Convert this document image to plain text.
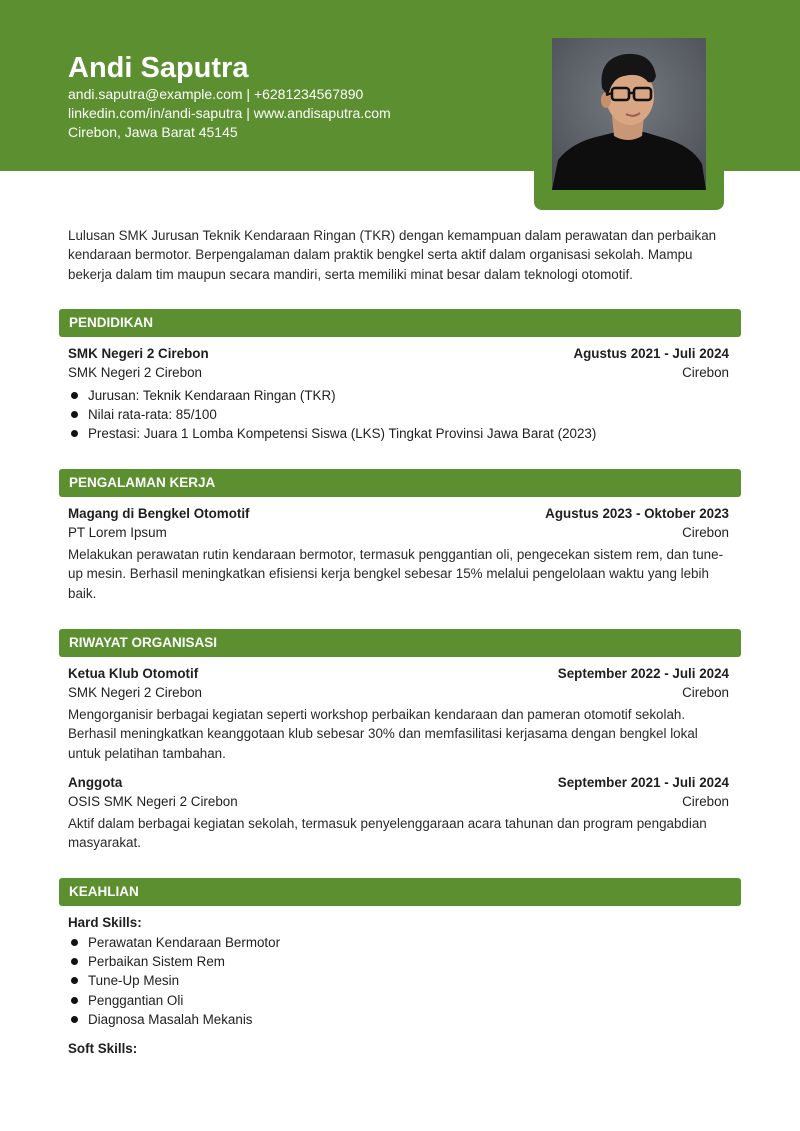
Andi Saputra
andi.saputra@example.com | +6281234567890
linkedin.com/in/andi-saputra | www.andisaputra.com
Cirebon, Jawa Barat 45145
Lulusan SMK Jurusan Teknik Kendaraan Ringan (TKR) dengan kemampuan dalam perawatan dan perbaikan kendaraan bermotor. Berpengalaman dalam praktik bengkel serta aktif dalam organisasi sekolah. Mampu bekerja dalam tim maupun secara mandiri, serta memiliki minat besar dalam teknologi otomotif.
PENDIDIKAN
SMK Negeri 2 Cirebon	Agustus 2021 - Juli 2024
SMK Negeri 2 Cirebon	Cirebon
Jurusan: Teknik Kendaraan Ringan (TKR)
Nilai rata-rata: 85/100
Prestasi: Juara 1 Lomba Kompetensi Siswa (LKS) Tingkat Provinsi Jawa Barat (2023)
PENGALAMAN KERJA
Magang di Bengkel Otomotif	Agustus 2023 - Oktober 2023
PT Lorem Ipsum	Cirebon
Melakukan perawatan rutin kendaraan bermotor, termasuk penggantian oli, pengecekan sistem rem, dan tune-up mesin. Berhasil meningkatkan efisiensi kerja bengkel sebesar 15% melalui pengelolaan waktu yang lebih baik.
RIWAYAT ORGANISASI
Ketua Klub Otomotif	September 2022 - Juli 2024
SMK Negeri 2 Cirebon	Cirebon
Mengorganisir berbagai kegiatan seperti workshop perbaikan kendaraan dan pameran otomotif sekolah. Berhasil meningkatkan keanggotaan klub sebesar 30% dan memfasilitasi kerjasama dengan bengkel lokal untuk pelatihan tambahan.
Anggota	September 2021 - Juli 2024
OSIS SMK Negeri 2 Cirebon	Cirebon
Aktif dalam berbagai kegiatan sekolah, termasuk penyelenggaraan acara tahunan dan program pengabdian masyarakat.
KEAHLIAN
Hard Skills:
Perawatan Kendaraan Bermotor
Perbaikan Sistem Rem
Tune-Up Mesin
Penggantian Oli
Diagnosa Masalah Mekanis
Soft Skills:
